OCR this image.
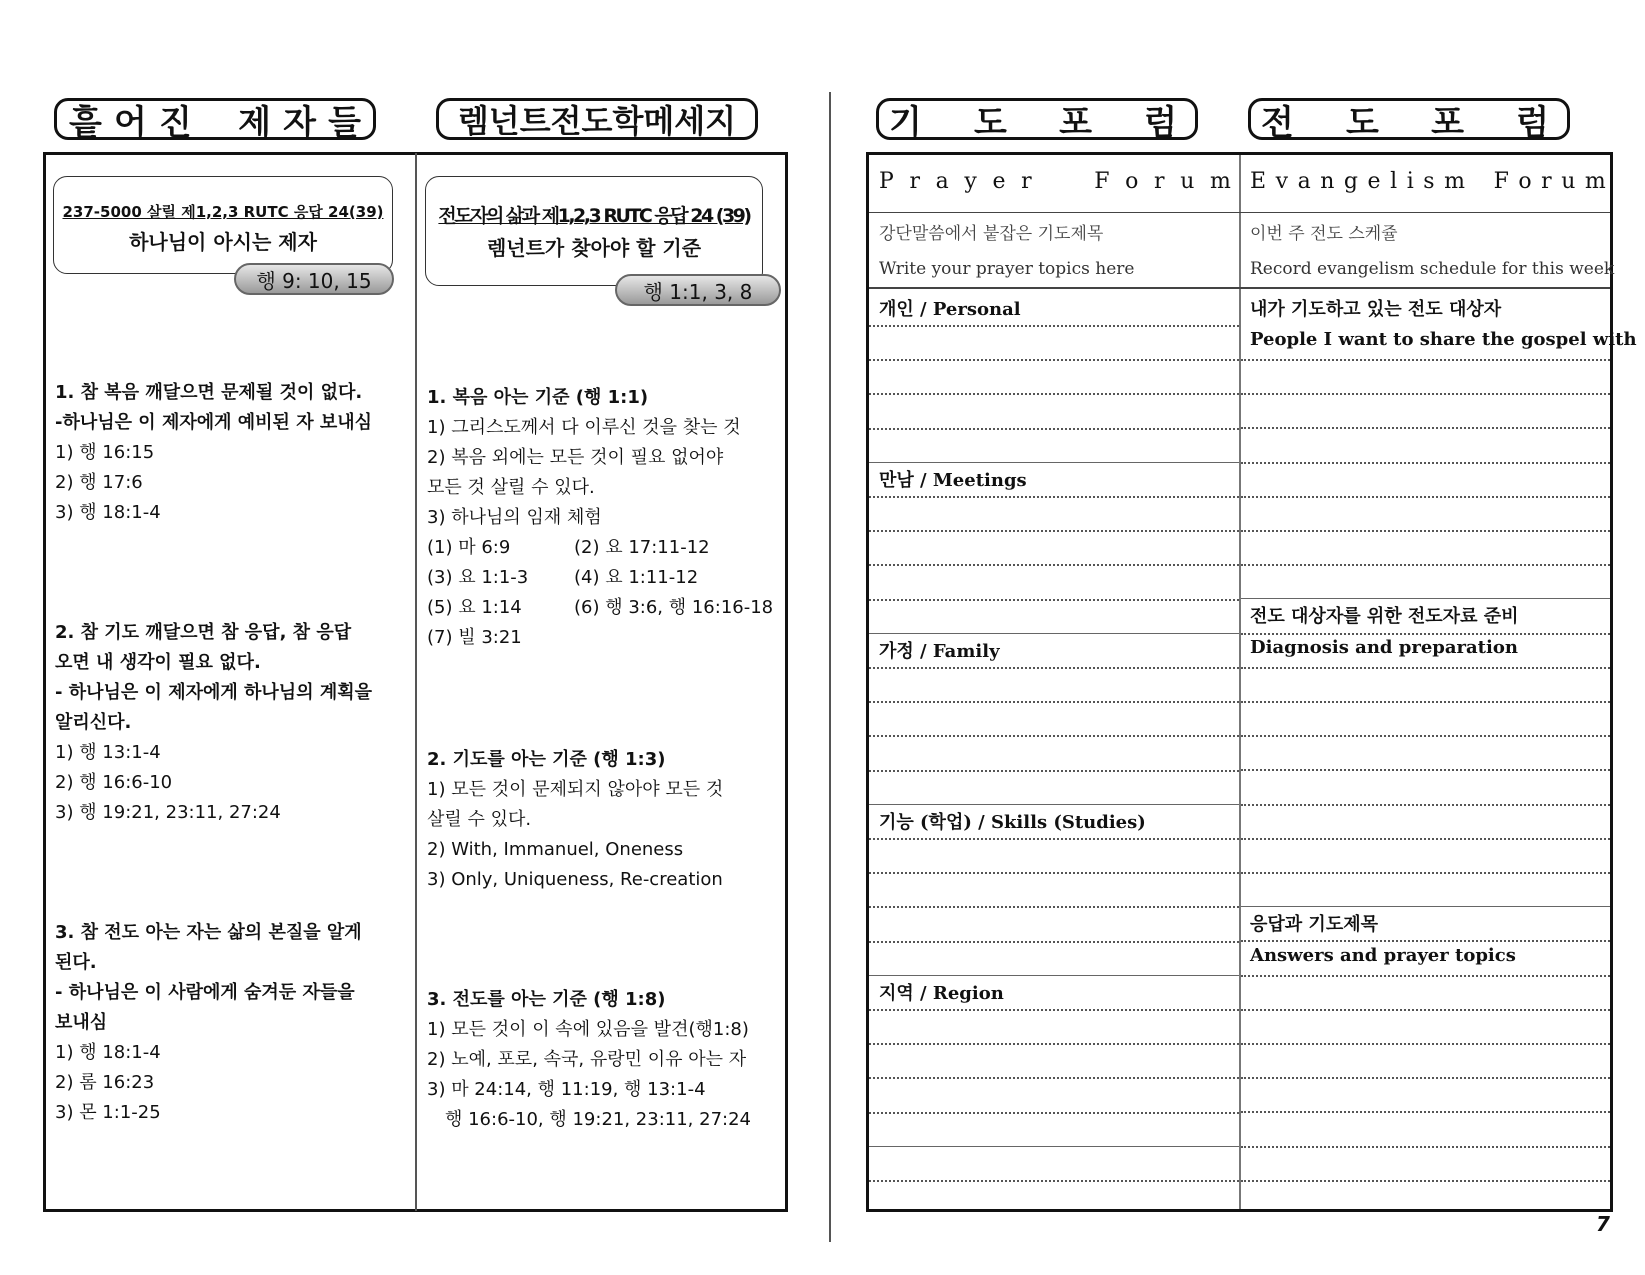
흩 어 진 제 자 들	렘넌트전도학메세지
237-5000 살릴 제1,2,3 RUTC 응답 24(39)
하나님이 아시는 제자
행 9: 10, 15
1. 참 복음 깨달으면 문제될 것이 없다.
-하나님은 이 제자에게 예비된 자 보내심
1) 행 16:15
2) 행 17:6
3) 행 18:1-4
2. 참 기도 깨달으면 참 응답, 참 응답
오면 내 생각이 필요 없다.
- 하나님은 이 제자에게 하나님의 계획을
알리신다.
1) 행 13:1-4
2) 행 16:6-10
3) 행 19:21, 23:11, 27:24
3. 참 전도 아는 자는 삶의 본질을 알게
된다.
- 하나님은 이 사람에게 숨겨둔 자들을
보내심
1) 행 18:1-4
2) 롬 16:23
3) 몬 1:1-25
전도자의 삶과 제1,2,3 RUTC 응답 24 (39)
렘넌트가 찾아야 할 기준
행 1:1, 3, 8
1. 복음 아는 기준 (행 1:1)
1) 그리스도께서 다 이루신 것을 찾는 것
2) 복음 외에는 모든 것이 필요 없어야
모든 것 살릴 수 있다.
3) 하나님의 임재 체험
(1) 마 6:9	(2) 요 17:11-12
(3) 요 1:1-3	(4) 요 1:11-12
(5) 요 1:14	(6) 행 3:6, 행 16:16-18
(7) 빌 3:21
2. 기도를 아는 기준 (행 1:3)
1) 모든 것이 문제되지 않아야 모든 것
살릴 수 있다.
2) With, Immanuel, Oneness
3) Only, Uniqueness, Re-creation
3. 전도를 아는 기준 (행 1:8)
1) 모든 것이 이 속에 있음을 발견(행1:8)
2) 노예, 포로, 속국, 유랑민 이유 아는 자
3) 마 24:14, 행 11:19, 행 13:1-4
행 16:6-10, 행 19:21, 23:11, 27:24
기 도 포 럼 전 도 포 럼
P r a y e r	F o r u m E v a n g e l i s m F o r u m
강단말씀에서 붙잡은 기도제목
Write your prayer topics here
이번 주 전도 스케쥴
Record evangelism schedule for this week
개인 / Personal
만남 / Meetings
가정 / Family
기능 (학업) / Skills (Studies)
지역 / Region
내가 기도하고 있는 전도 대상자
People I want to share the gospel with
전도 대상자를 위한 전도자료 준비
Diagnosis and preparation
응답과 기도제목
Answers and prayer topics
7
